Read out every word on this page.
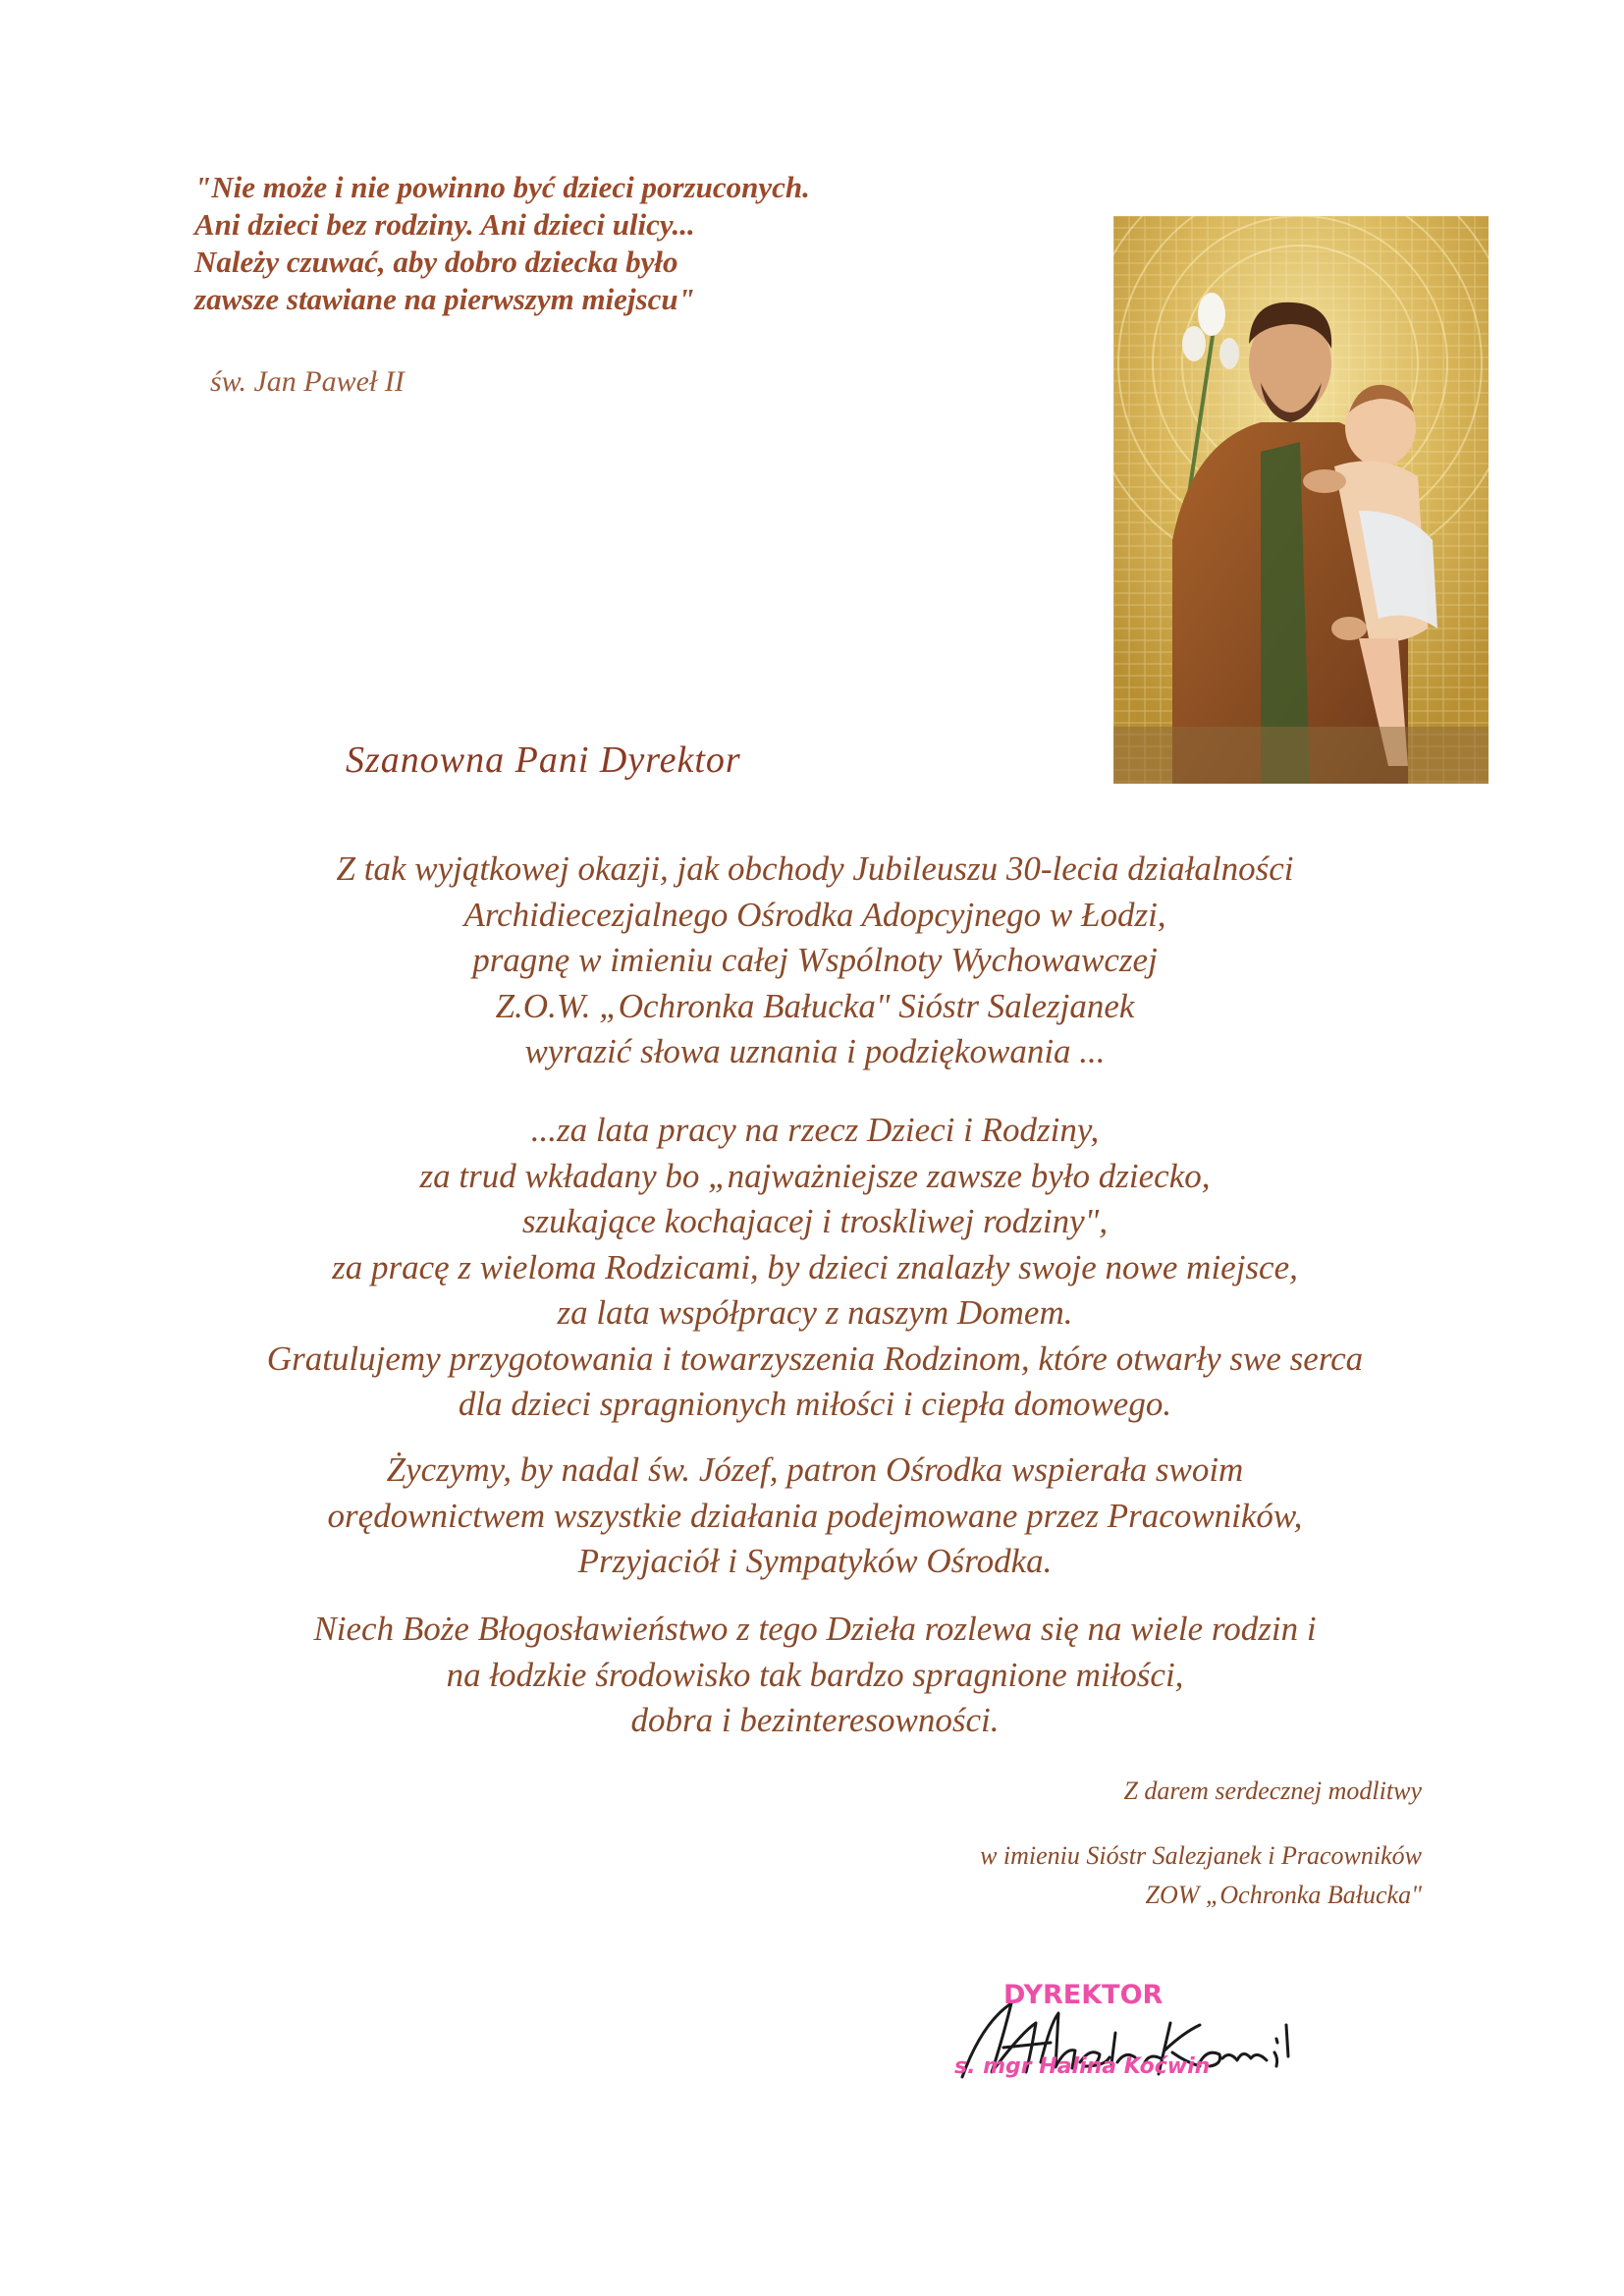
"Nie może i nie powinno być dzieci porzuconych.
Ani dzieci bez rodziny. Ani dzieci ulicy...
Należy czuwać, aby dobro dziecka było
zawsze stawiane na pierwszym miejscu"
św. Jan Paweł II
Szanowna Pani Dyrektor
Z tak wyjątkowej okazji, jak obchody Jubileuszu 30-lecia działalności
Archidiecezjalnego Ośrodka Adopcyjnego w Łodzi,
pragnę w imieniu całej Wspólnoty Wychowawczej
Z.O.W. „Ochronka Bałucka" Sióstr Salezjanek
wyrazić słowa uznania i podziękowania ...
...za lata pracy na rzecz Dzieci i Rodziny,
za trud wkładany bo „najważniejsze zawsze było dziecko,
szukające kochajacej i troskliwej rodziny",
za pracę z wieloma Rodzicami, by dzieci znalazły swoje nowe miejsce,
za lata współpracy z naszym Domem.
Gratulujemy przygotowania i towarzyszenia Rodzinom, które otwarły swe serca
dla dzieci spragnionych miłości i ciepła domowego.
Życzymy, by nadal św. Józef, patron Ośrodka wspierała swoim
orędownictwem wszystkie działania podejmowane przez Pracowników,
Przyjaciół i Sympatyków Ośrodka.
Niech Boże Błogosławieństwo z tego Dzieła rozlewa się na wiele rodzin i
na łodzkie środowisko tak bardzo spragnione miłości,
dobra i bezinteresowności.
Z darem serdecznej modlitwy
w imieniu Sióstr Salezjanek i Pracowników
ZOW „Ochronka Bałucka"
DYREKTOR
s. mgr Halina Koćwin
